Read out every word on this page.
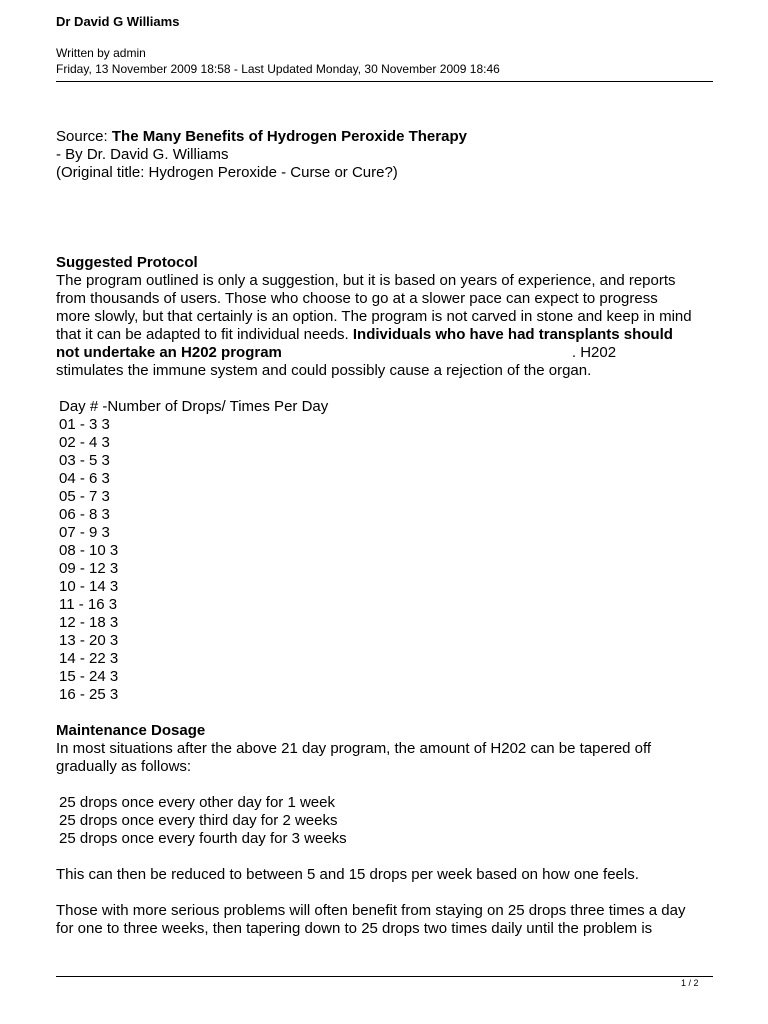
Dr David G Williams
Written by admin
Friday, 13 November 2009 18:58 - Last Updated Monday, 30 November 2009 18:46

Source: The Many Benefits of Hydrogen Peroxide Therapy

- By Dr. David G. Williams

(Original title: Hydrogen Peroxide - Curse or Cure?)

Suggested Protocol

The program outlined is only a suggestion, but it is based on years of experience, and reports

from thousands of users. Those who choose to go at a slower pace can expect to progress

more slowly, but that certainly is an option. The program is not carved in stone and keep in mind

that it can be adapted to fit individual needs. Individuals who have had transplants should

not undertake an H202 program	. H202

stimulates the immune system and could possibly cause a rejection of the organ.

Day # -Number of Drops/ Times Per Day

01 - 3 3

02 - 4 3

03 - 5 3

04 - 6 3

05 - 7 3

06 - 8 3

07 - 9 3

08 - 10 3

09 - 12 3

10 - 14 3

11 - 16 3

12 - 18 3

13 - 20 3

14 - 22 3

15 - 24 3

16 - 25 3

Maintenance Dosage

In most situations after the above 21 day program, the amount of H202 can be tapered off

gradually as follows:

25 drops once every other day for 1 week

25 drops once every third day for 2 weeks

25 drops once every fourth day for 3 weeks

This can then be reduced to between 5 and 15 drops per week based on how one feels.

Those with more serious problems will often benefit from staying on 25 drops three times a day

for one to three weeks, then tapering down to 25 drops two times daily until the problem is

1 / 2
